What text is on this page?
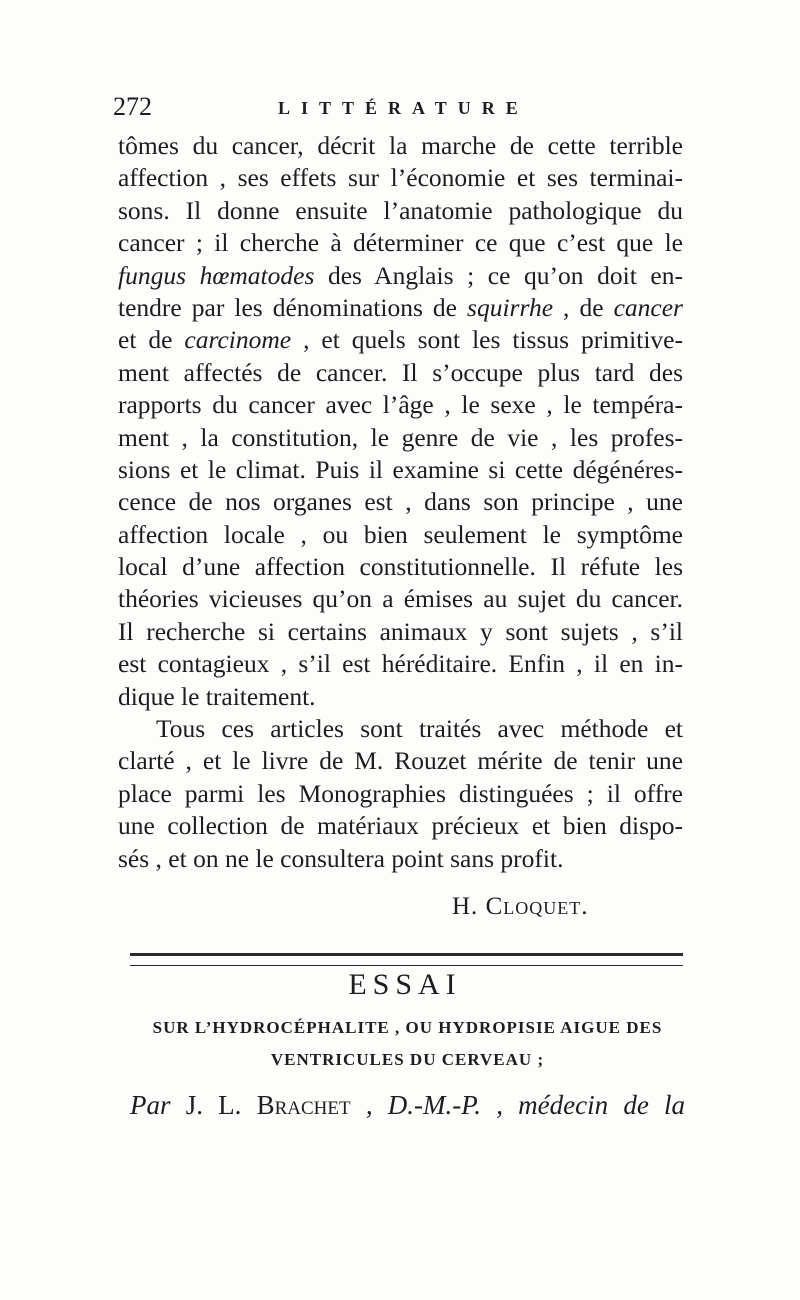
272	LITTÉRATURE
tômes du cancer, décrit la marche de cette terrible
affection , ses effets sur l’économie et ses terminai-
sons. Il donne ensuite l’anatomie pathologique du
cancer ; il cherche à déterminer ce que c’est que le
fungus hœmatodes des Anglais ; ce qu’on doit en-
tendre par les dénominations de squirrhe , de cancer
et de carcinome , et quels sont les tissus primitive-
ment affectés de cancer. Il s’occupe plus tard des
rapports du cancer avec l’âge , le sexe , le tempéra-
ment , la constitution, le genre de vie , les profes-
sions et le climat. Puis il examine si cette dégénéres-
cence de nos organes est , dans son principe , une
affection locale , ou bien seulement le symptôme
local d’une affection constitutionnelle. Il réfute les
théories vicieuses qu’on a émises au sujet du cancer.
Il recherche si certains animaux y sont sujets , s’il
est contagieux , s’il est héréditaire. Enfin , il en in-
dique le traitement.
Tous ces articles sont traités avec méthode et
clarté , et le livre de M. Rouzet mérite de tenir une
place parmi les Monographies distinguées ; il offre
une collection de matériaux précieux et bien dispo-
sés , et on ne le consultera point sans profit.
H. Cloquet.
ESSAI
SUR L’HYDROCÉPHALITE , OU HYDROPISIE AIGUE DES
VENTRICULES DU CERVEAU ;
Par J. L. Brachet , D.-M.-P. , médecin de la
